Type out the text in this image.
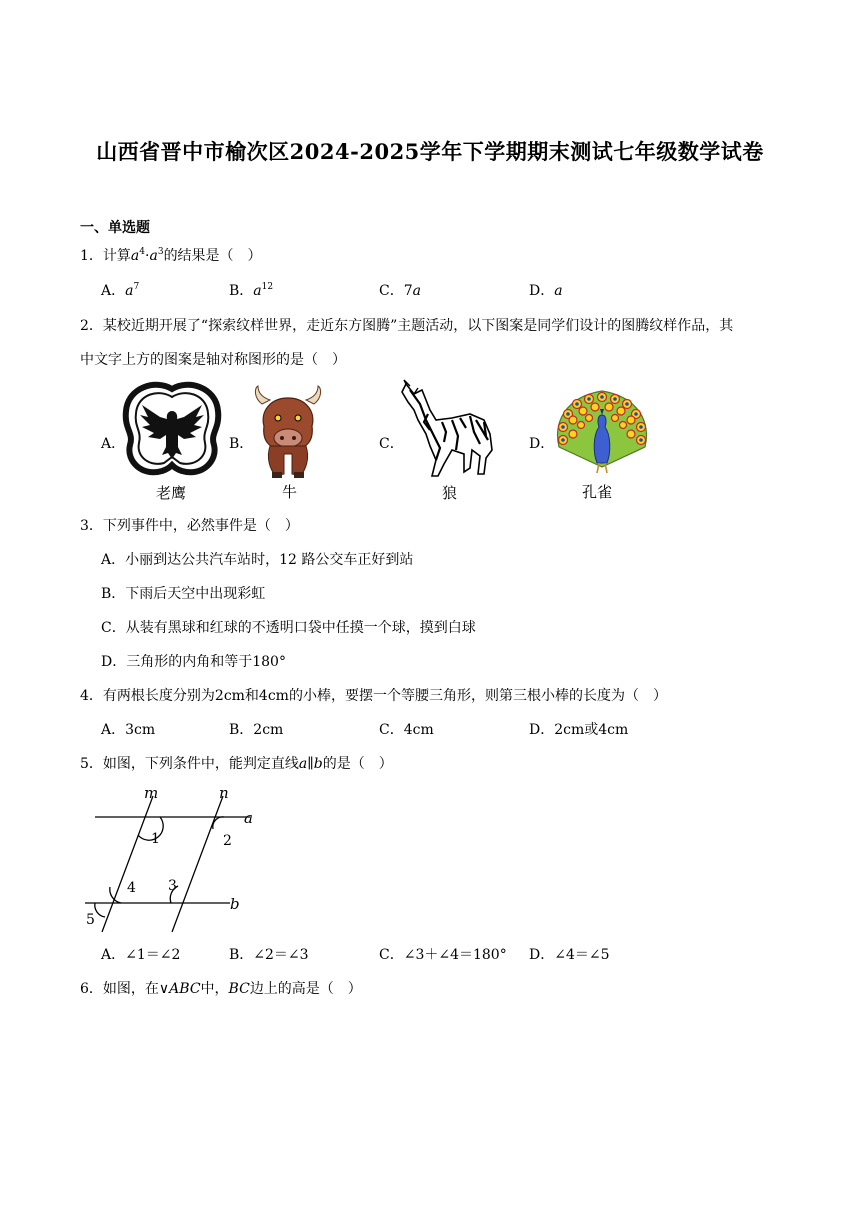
山西省晋中市榆次区2024-2025学年下学期期末测试七年级数学试卷
一、单选题
1．计算$a^4\cdot a^3$的结果是（　）
A．$a^7$	B．$a^{12}$	C．7a	D．a
2．某校近期开展了“探索纹样世界，走近东方图腾”主题活动，以下图案是同学们设计的图腾纹样作品，其
中文字上方的图案是轴对称图形的是（　）
A．	B．	C．	D．
老鹰	牛	狼	孔雀
3．下列事件中，必然事件是（　）
A．小丽到达公共汽车站时，12 路公交车正好到站
B．下雨后天空中出现彩虹
C．从装有黑球和红球的不透明口袋中任摸一个球，摸到白球
D．三角形的内角和等于180°
4．有两根长度分别为2cm和4cm的小棒，要摆一个等腰三角形，则第三根小棒的长度为（　）
A．3cm	B．2cm	C．4cm	D．2cm或4cm
5．如图，下列条件中，能判定直线a∥b的是（　）
m	n
a
b
1	2
3
4
5
A．∠1＝∠2	B．∠2＝∠3	C．∠3＋∠4＝180° D．∠4＝∠5
6．如图，在∨ABC中，BC边上的高是（　）
